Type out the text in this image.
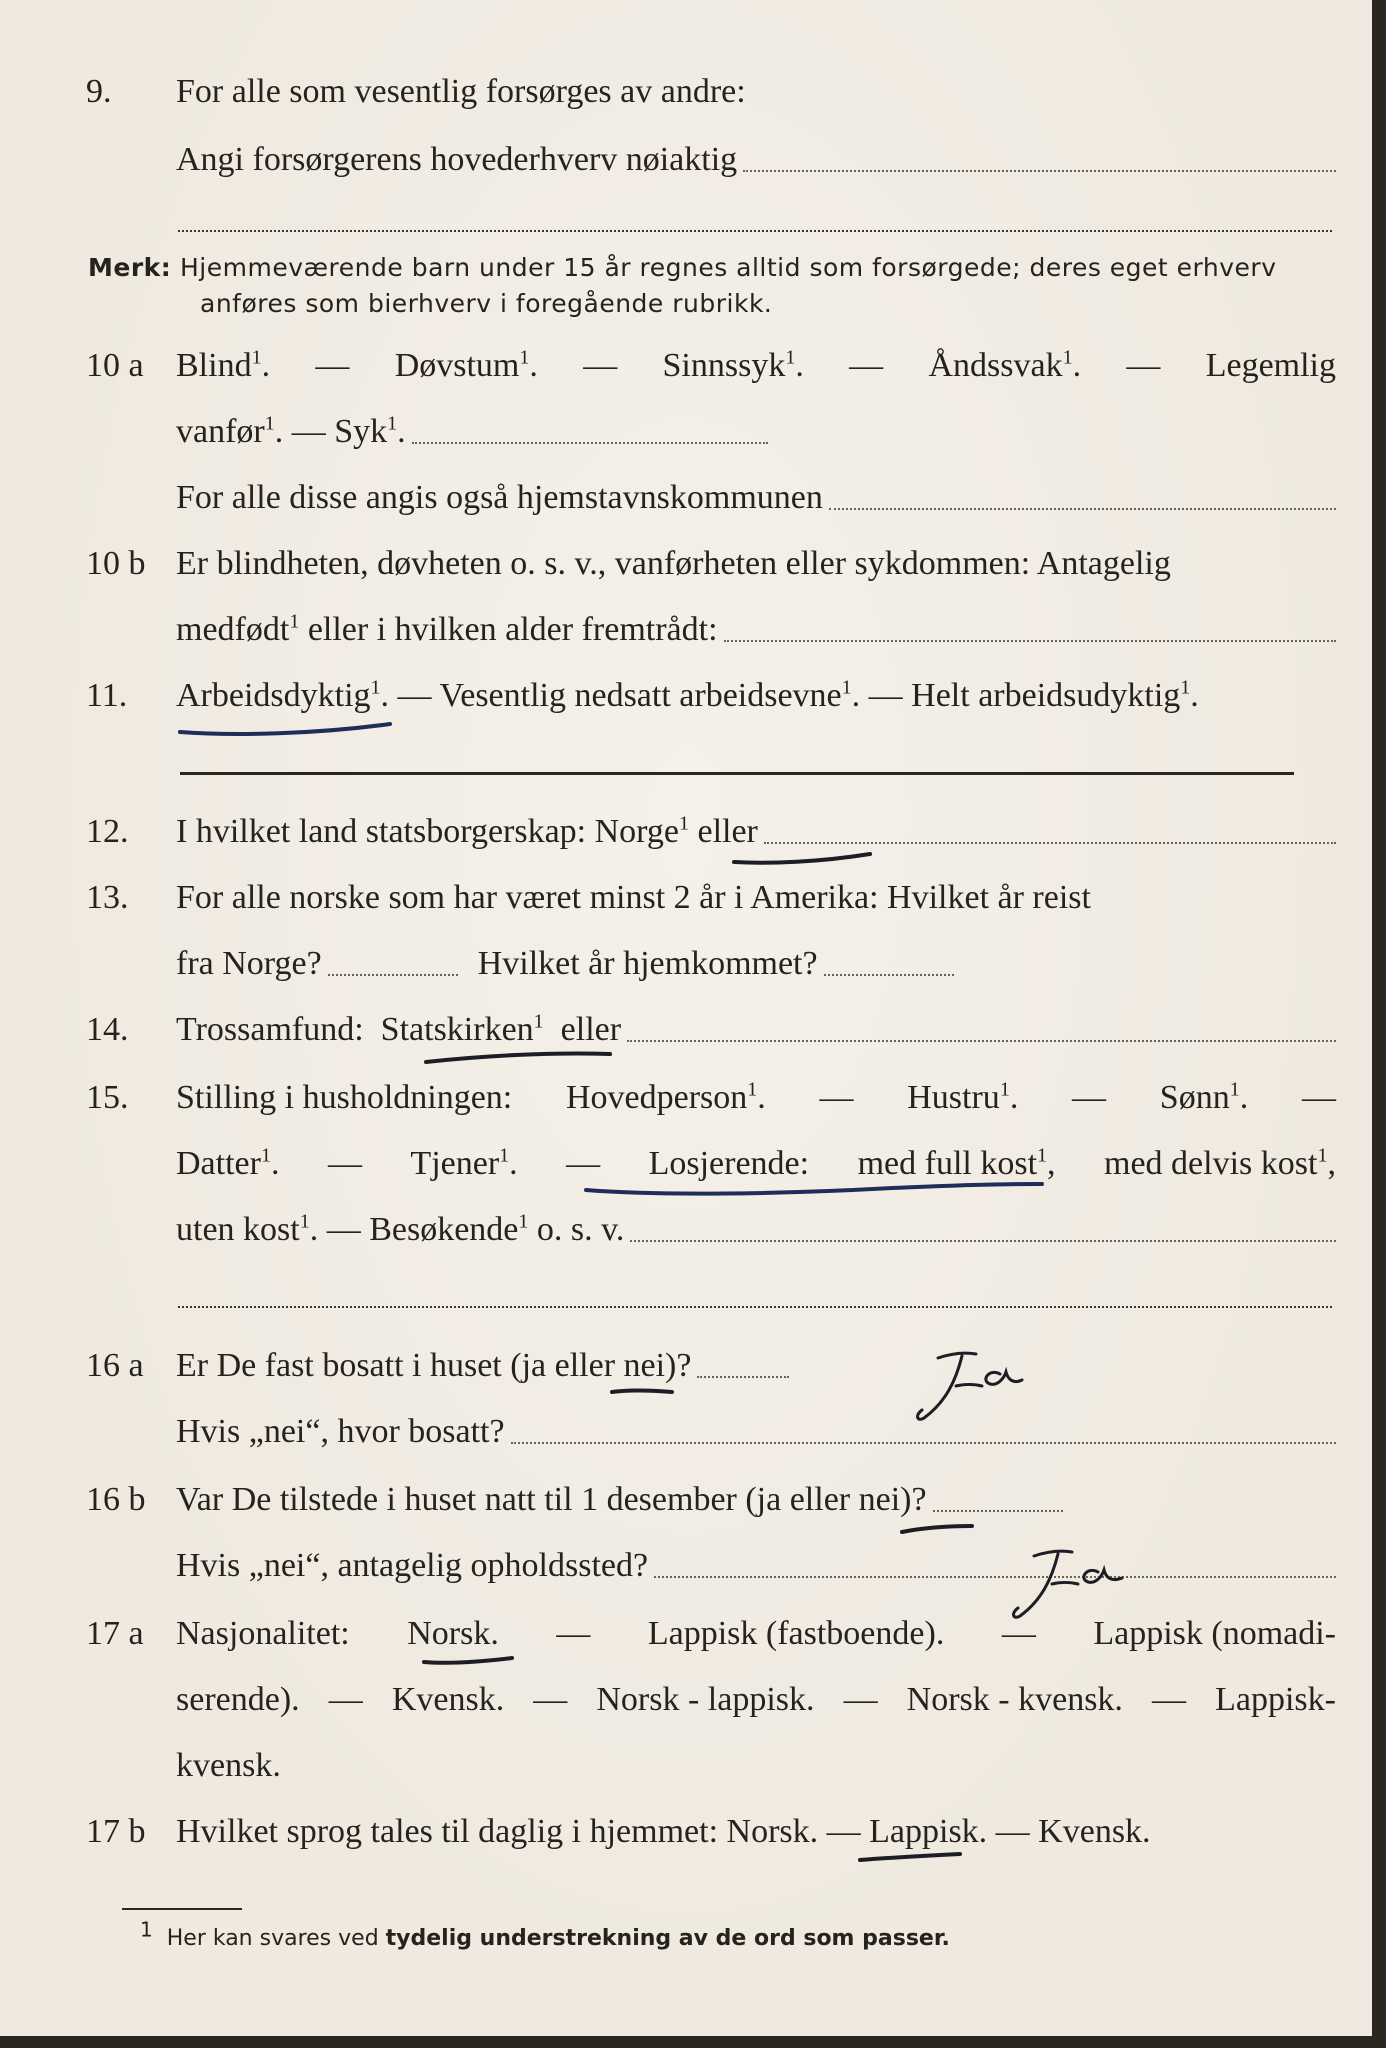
9.	For alle som vesentlig forsørges av andre:
Angi forsørgerens hovederhverv nøiaktig
Merk: Hjemmeværende barn under 15 år regnes alltid som forsørgede; deres eget erhverv
anføres som bierhverv i foregående rubrikk.
10 a Blind$^1$. — Døvstum$^1$. — Sinnssyk$^1$. — Åndssvak$^1$. — Legemlig
vanfør$^1$. — Syk$^1$.
For alle disse angis også hjemstavnskommunen
10 b Er blindheten, døvheten o. s. v., vanførheten eller sykdommen: Antagelig
medfødt$^1$ eller i hvilken alder fremtrådt:
11.	Arbeidsdyktig$^1$. — Vesentlig nedsatt arbeidsevne$^1$. — Helt arbeidsudyktig$^1$.
12.	I hvilket land statsborgerskap: Norge$^1$ eller
13.	For alle norske som har været minst 2 år i Amerika: Hvilket år reist
fra Norge?	Hvilket år hjemkommet?
14.	Trossamfund: Statskirken$^1$ eller
15.	Stilling i husholdningen: Hovedperson$^1$. — Hustru$^1$. — Sønn$^1$. —
Datter$^1$. — Tjener$^1$. — Losjerende: med full kost$^1$, med delvis kost$^1$,
uten kost$^1$. — Besøkende$^1$ o. s. v.
16 a Er De fast bosatt i huset (ja eller nei)?
Hvis „nei“, hvor bosatt?
16 b Var De tilstede i huset natt til 1 desember (ja eller nei)?
Hvis „nei“, antagelig opholdssted?
17 a Nasjonalitet: Norsk. — Lappisk (fastboende). — Lappisk (nomadi-
serende). — Kvensk. — Norsk - lappisk. — Norsk - kvensk. — Lappisk-
kvensk.
17 b Hvilket sprog tales til daglig i hjemmet: Norsk. — Lappisk. — Kvensk.
1 Her kan svares ved tydelig understrekning av de ord som passer.
